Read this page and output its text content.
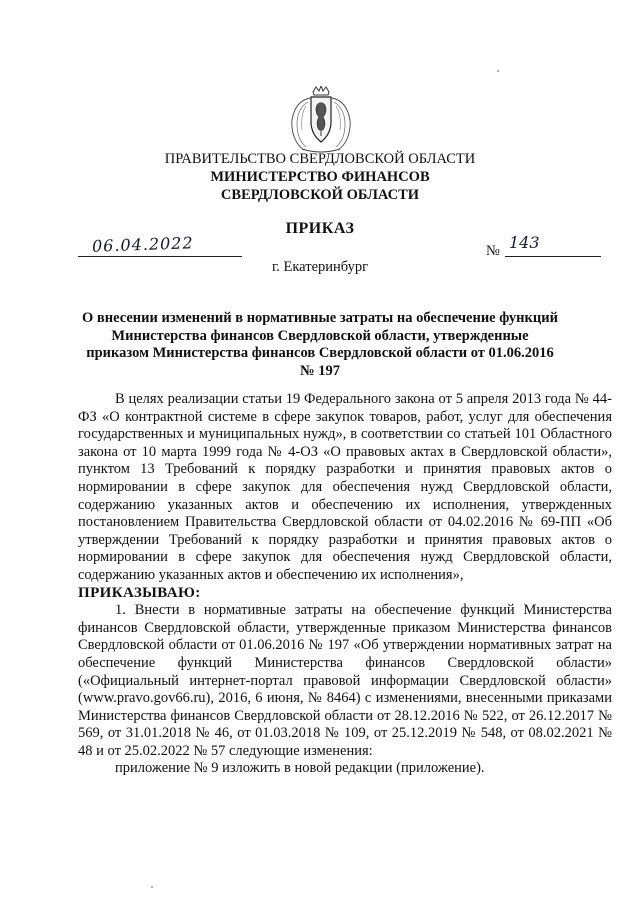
ПРАВИТЕЛЬСТВО СВЕРДЛОВСКОЙ ОБЛАСТИ
МИНИСТЕРСТВО ФИНАНСОВ
СВЕРДЛОВСКОЙ ОБЛАСТИ
ПРИКАЗ
06.04.2022	№ 143
г. Екатеринбург
О внесении изменений в нормативные затраты на обеспечение функций Министерства финансов Свердловской области, утвержденные приказом Министерства финансов Свердловской области от 01.06.2016 № 197

В целях реализации статьи 19 Федерального закона от 5 апреля 2013 года № 44-ФЗ «О контрактной системе в сфере закупок товаров, работ, услуг для обеспечения государственных и муниципальных нужд», в соответствии со статьей 101 Областного закона от 10 марта 1999 года № 4-ОЗ «О правовых актах в Свердловской области», пунктом 13 Требований к порядку разработки и принятия правовых актов о нормировании в сфере закупок для обеспечения нужд Свердловской области, содержанию указанных актов и обеспечению их исполнения, утвержденных постановлением Правительства Свердловской области от 04.02.2016 № 69-ПП «Об утверждении Требований к порядку разработки и принятия правовых актов о нормировании в сфере закупок для обеспечения нужд Свердловской области, содержанию указанных актов и обеспечению их исполнения»,

ПРИКАЗЫВАЮ:

1. Внести в нормативные затраты на обеспечение функций Министерства финансов Свердловской области, утвержденные приказом Министерства финансов Свердловской области от 01.06.2016 № 197 «Об утверждении нормативных затрат на обеспечение функций Министерства финансов Свердловской области» («Официальный интернет-портал правовой информации Свердловской области» (www.pravo.gov66.ru), 2016, 6 июня, № 8464) с изменениями, внесенными приказами Министерства финансов Свердловской области от 28.12.2016 № 522, от 26.12.2017 № 569, от 31.01.2018 № 46, от 01.03.2018 № 109, от 25.12.2019 № 548, от 08.02.2021 № 48 и от 25.02.2022 № 57 следующие изменения:

приложение № 9 изложить в новой редакции (приложение).
